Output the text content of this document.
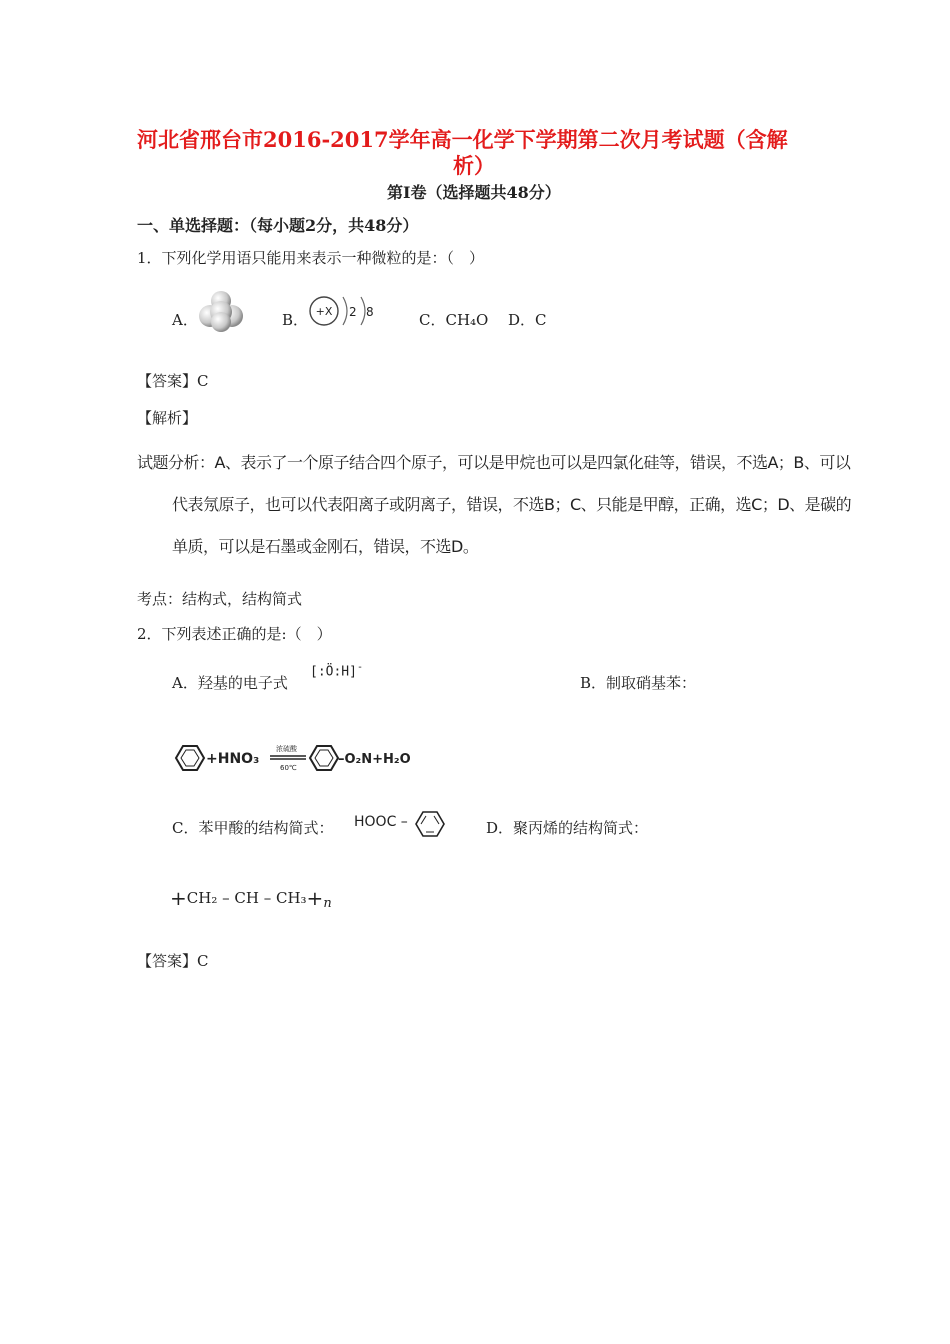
河北省邢台市2016-2017学年高一化学下学期第二次月考试题（含解
析）
第Ⅰ卷（选择题共48分）
一、单选择题：（每小题2分，共48分）
1．下列化学用语只能用来表示一种微粒的是：（　）
A．	B． +X 2 8	C．CH₄O D．C
【答案】C
【解析】
试题分析：A、表示了一个原子结合四个原子，可以是甲烷也可以是四氯化硅等，错误，不选A；B、可以
代表氖原子，也可以代表阳离子或阴离子，错误，不选B；C、只能是甲醇，正确，选C；D、是碳的
单质，可以是石墨或金刚石，错误，不选D。
考点：结构式，结构简式
2．下列表述正确的是:（　）
A．羟基的电子式
[:Ö:H]-
B．制取硝基苯：
+HNO₃
浓硫酸
60℃
–O₂N+H₂O
C．苯甲酸的结构简式： HOOC –	D．聚丙烯的结构简式：
+CH₂ – CH – $CH_3+_n$
【答案】C
